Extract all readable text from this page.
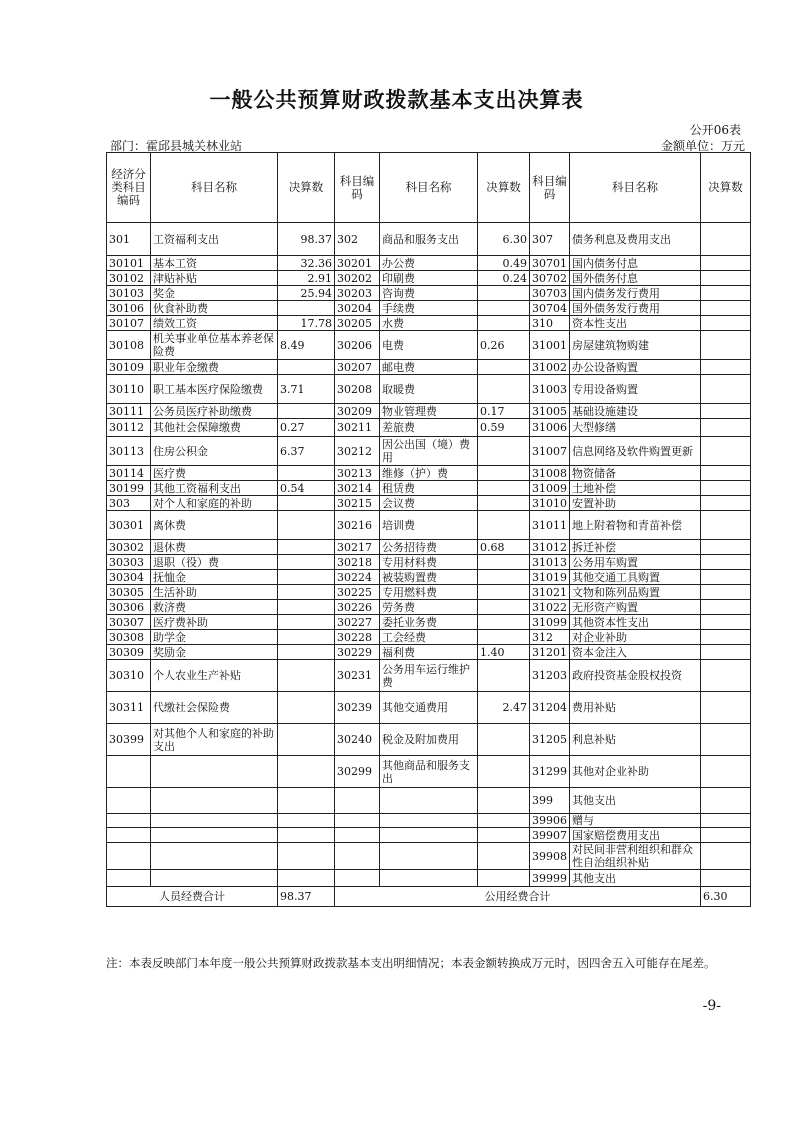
一般公共预算财政拨款基本支出决算表
公开06表
部门：霍邱县城关林业站	金额单位：万元
经济分类科目编码	科目名称	决算数	科目编码	科目名称	决算数	科目编码	科目名称	决算数
301	工资福利支出	98.37	302	商品和服务支出	6.30	307	债务利息及费用支出	
30101	基本工资	32.36	30201	办公费	0.49	30701	国内债务付息	
30102	津贴补贴	2.91	30202	印刷费	0.24	30702	国外债务付息	
30103	奖金	25.94	30203	咨询费		30703	国内债务发行费用	
30106	伙食补助费		30204	手续费		30704	国外债务发行费用	
30107	绩效工资	17.78	30205	水费		310	资本性支出	
30108	机关事业单位基本养老保险费	8.49	30206	电费	0.26	31001	房屋建筑物购建	
30109	职业年金缴费		30207	邮电费		31002	办公设备购置	
30110	职工基本医疗保险缴费	3.71	30208	取暖费		31003	专用设备购置	
30111	公务员医疗补助缴费		30209	物业管理费	0.17	31005	基础设施建设	
30112	其他社会保障缴费	0.27	30211	差旅费	0.59	31006	大型修缮	
30113	住房公积金	6.37	30212	因公出国（境）费用		31007	信息网络及软件购置更新	
30114	医疗费		30213	维修（护）费		31008	物资储备	
30199	其他工资福利支出	0.54	30214	租赁费		31009	土地补偿	
303	对个人和家庭的补助		30215	会议费		31010	安置补助	
30301	离休费		30216	培训费		31011	地上附着物和青苗补偿	
30302	退休费		30217	公务招待费	0.68	31012	拆迁补偿	
30303	退职（役）费		30218	专用材料费		31013	公务用车购置	
30304	抚恤金		30224	被装购置费		31019	其他交通工具购置	
30305	生活补助		30225	专用燃料费		31021	文物和陈列品购置	
30306	救济费		30226	劳务费		31022	无形资产购置	
30307	医疗费补助		30227	委托业务费		31099	其他资本性支出	
30308	助学金		30228	工会经费		312	对企业补助	
30309	奖励金		30229	福利费	1.40	31201	资本金注入	
30310	个人农业生产补贴		30231	公务用车运行维护费		31203	政府投资基金股权投资	
30311	代缴社会保险费		30239	其他交通费用	2.47	31204	费用补贴	
30399	对其他个人和家庭的补助支出		30240	税金及附加费用		31205	利息补贴	
			30299	其他商品和服务支出		31299	其他对企业补助	
						399	其他支出	
						39906	赠与	
						39907	国家赔偿费用支出	
						39908	对民间非营利组织和群众性自治组织补贴	
						39999	其他支出	
人员经费合计		98.37	公用经费合计					6.30
注：本表反映部门本年度一般公共预算财政拨款基本支出明细情况；本表金额转换成万元时，因四舍五入可能存在尾差。
-9-
